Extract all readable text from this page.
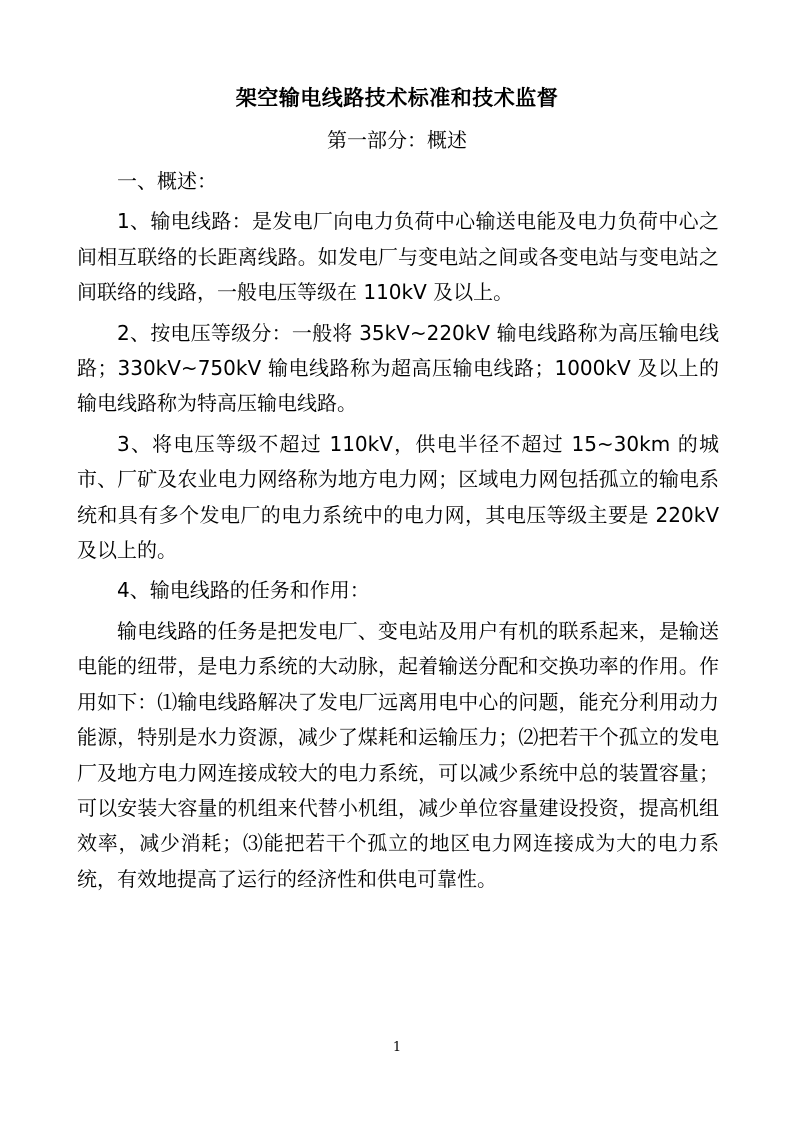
架空输电线路技术标准和技术监督
第一部分：概述

一、概述：

1、输电线路：是发电厂向电力负荷中心输送电能及电力负荷中心之间相互联络的长距离线路。如发电厂与变电站之间或各变电站与变电站之间联络的线路，一般电压等级在 110kV 及以上。

2、按电压等级分：一般将 35kV~220kV 输电线路称为高压输电线路；330kV~750kV 输电线路称为超高压输电线路；1000kV 及以上的输电线路称为特高压输电线路。

3、将电压等级不超过 110kV，供电半径不超过 15~30km 的城市、厂矿及农业电力网络称为地方电力网；区域电力网包括孤立的输电系统和具有多个发电厂的电力系统中的电力网，其电压等级主要是 220kV 及以上的。

4、输电线路的任务和作用：

输电线路的任务是把发电厂、变电站及用户有机的联系起来，是输送电能的纽带，是电力系统的大动脉，起着输送分配和交换功率的作用。作用如下：⑴输电线路解决了发电厂远离用电中心的问题，能充分利用动力能源，特别是水力资源，减少了煤耗和运输压力；⑵把若干个孤立的发电厂及地方电力网连接成较大的电力系统，可以减少系统中总的装置容量；可以安装大容量的机组来代替小机组，减少单位容量建设投资，提高机组效率，减少消耗；⑶能把若干个孤立的地区电力网连接成为大的电力系统，有效地提高了运行的经济性和供电可靠性。

1
